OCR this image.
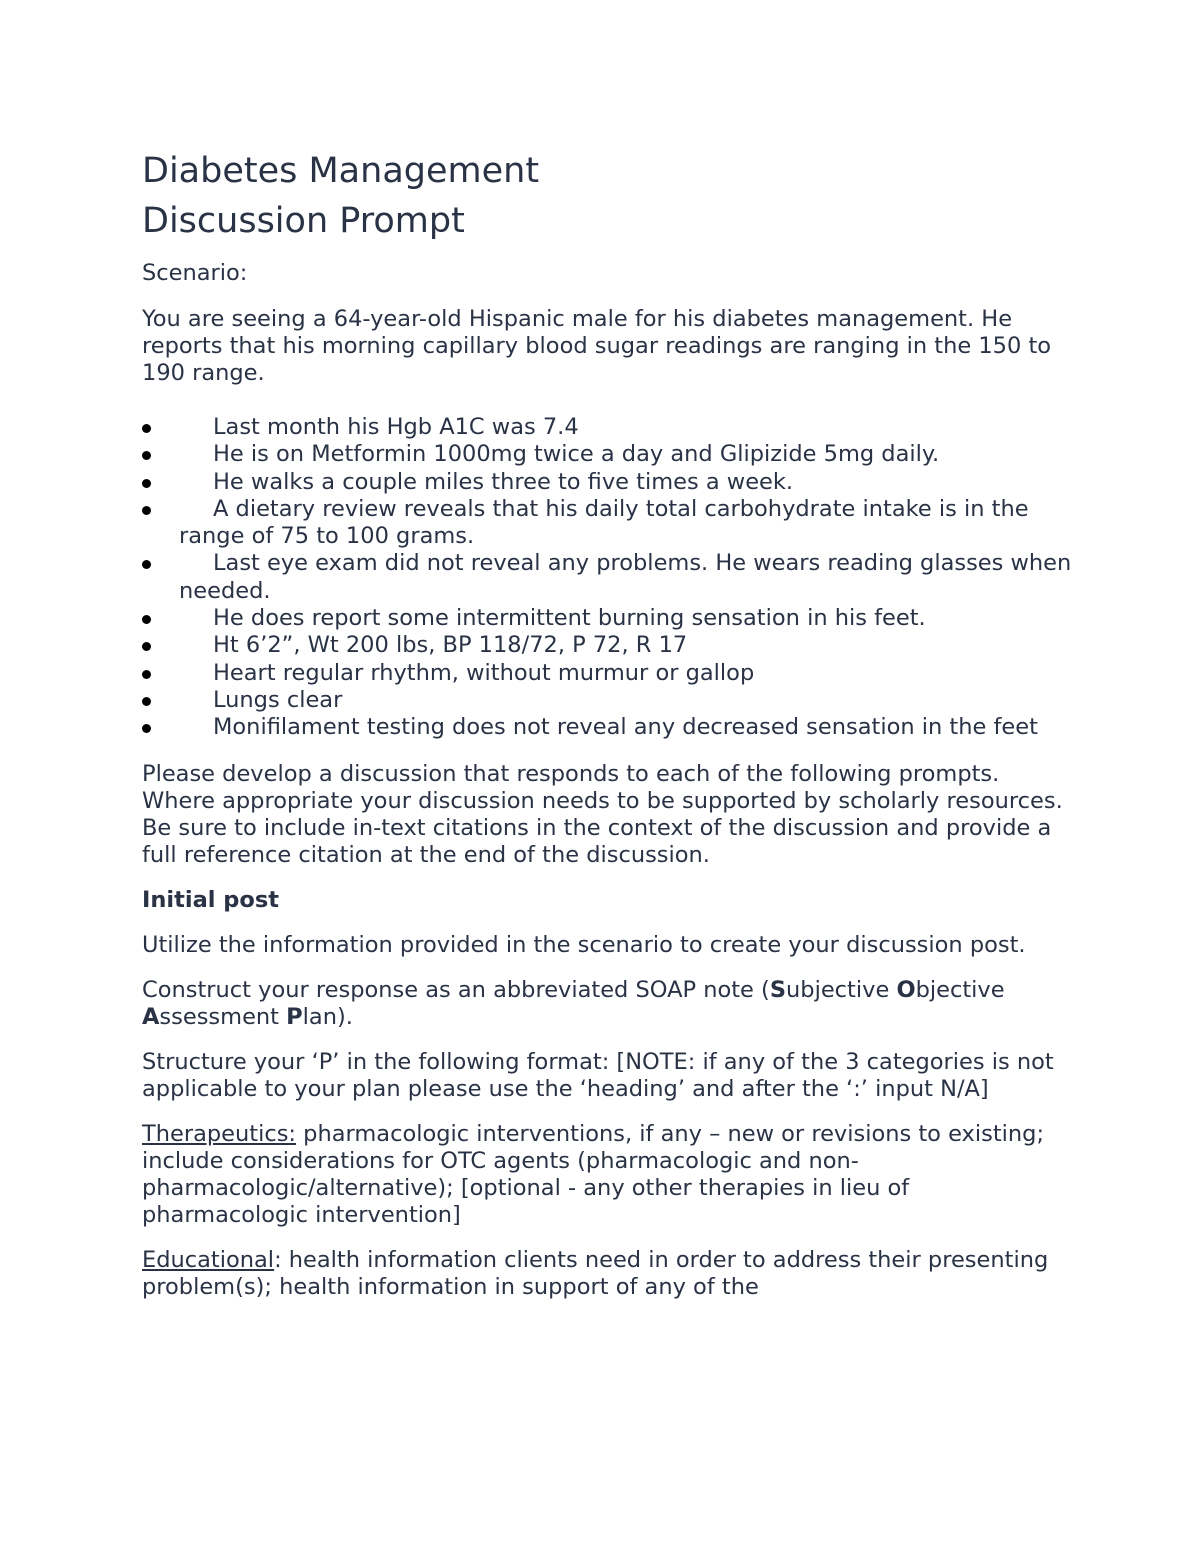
Diabetes Management
Discussion Prompt

Scenario:

You are seeing a 64-year-old Hispanic male for his diabetes management. He reports that his morning capillary blood sugar readings are ranging in the 150 to 190 range.

Last month his Hgb A1C was 7.4
He is on Metformin 1000mg twice a day and Glipizide 5mg daily.
He walks a couple miles three to five times a week.
A dietary review reveals that his daily total carbohydrate intake is in the range of 75 to 100 grams.
Last eye exam did not reveal any problems. He wears reading glasses when needed.
He does report some intermittent burning sensation in his feet.
Ht 6’2”, Wt 200 lbs, BP 118/72, P 72, R 17
Heart regular rhythm, without murmur or gallop
Lungs clear
Monifilament testing does not reveal any decreased sensation in the feet

Please develop a discussion that responds to each of the following prompts. Where appropriate your discussion needs to be supported by scholarly resources. Be sure to include in-text citations in the context of the discussion and provide a full reference citation at the end of the discussion.

Initial post

Utilize the information provided in the scenario to create your discussion post.

Construct your response as an abbreviated SOAP note (Subjective Objective Assessment Plan).

Structure your ‘P’ in the following format: [NOTE: if any of the 3 categories is not applicable to your plan please use the ‘heading’ and after the ‘:’ input N/A]

Therapeutics: pharmacologic interventions, if any – new or revisions to existing; include considerations for OTC agents (pharmacologic and non-pharmacologic/alternative); [optional - any other therapies in lieu of pharmacologic intervention]

Educational: health information clients need in order to address their presenting problem(s); health information in support of any of the
